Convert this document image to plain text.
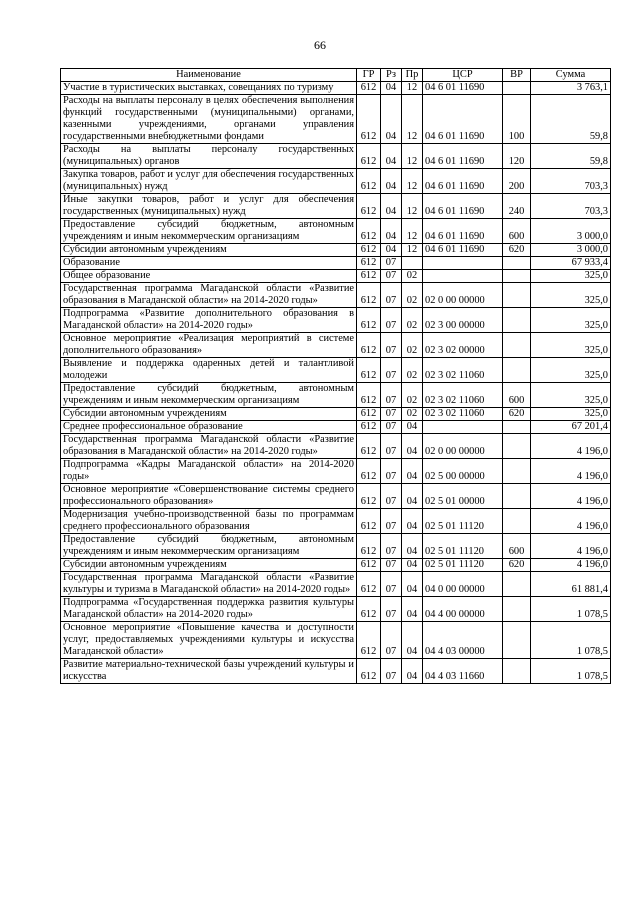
66
Наименование	ГР	Рз	Пр	ЦСР	ВР	Сумма
Участие в туристических выставках, совещаниях по туризму	612	04	12	04 6 01 11690		3 763,1
Расходы на выплаты персоналу в целях обеспечения выполнения функций государственными (муниципальными) органами, казенными учреждениями, органами управления государственными внебюджетными фондами	612	04	12	04 6 01 11690	100	59,8
Расходы на выплаты персоналу государственных (муниципальных) органов	612	04	12	04 6 01 11690	120	59,8
Закупка товаров, работ и услуг для обеспечения государственных (муниципальных) нужд	612	04	12	04 6 01 11690	200	703,3
Иные закупки товаров, работ и услуг для обеспечения государственных (муниципальных) нужд	612	04	12	04 6 01 11690	240	703,3
Предоставление субсидий бюджетным, автономным учреждениям и иным некоммерческим организациям	612	04	12	04 6 01 11690	600	3 000,0
Субсидии автономным учреждениям	612	04	12	04 6 01 11690	620	3 000,0
Образование	612	07				67 933,4
Общее образование	612	07	02			325,0
Государственная программа Магаданской области «Развитие образования в Магаданской области» на 2014-2020 годы»	612	07	02	02 0 00 00000		325,0
Подпрограмма «Развитие дополнительного образования в Магаданской области» на 2014-2020 годы»	612	07	02	02 3 00 00000		325,0
Основное мероприятие «Реализация мероприятий в системе дополнительного образования»	612	07	02	02 3 02 00000		325,0
Выявление и поддержка одаренных детей и талантливой молодежи	612	07	02	02 3 02 11060		325,0
Предоставление субсидий бюджетным, автономным учреждениям и иным некоммерческим организациям	612	07	02	02 3 02 11060	600	325,0
Субсидии автономным учреждениям	612	07	02	02 3 02 11060	620	325,0
Среднее профессиональное образование	612	07	04			67 201,4
Государственная программа Магаданской области «Развитие образования в Магаданской области» на 2014-2020 годы»	612	07	04	02 0 00 00000		4 196,0
Подпрограмма «Кадры Магаданской области» на 2014-2020 годы»	612	07	04	02 5 00 00000		4 196,0
Основное мероприятие «Совершенствование системы среднего профессионального образования»	612	07	04	02 5 01 00000		4 196,0
Модернизация учебно-производственной базы по программам среднего профессионального образования	612	07	04	02 5 01 11120		4 196,0
Предоставление субсидий бюджетным, автономным учреждениям и иным некоммерческим организациям	612	07	04	02 5 01 11120	600	4 196,0
Субсидии автономным учреждениям	612	07	04	02 5 01 11120	620	4 196,0
Государственная программа Магаданской области «Развитие культуры и туризма в Магаданской области» на 2014-2020 годы»	612	07	04	04 0 00 00000		61 881,4
Подпрограмма «Государственная поддержка развития культуры Магаданской области» на 2014-2020 годы»	612	07	04	04 4 00 00000		1 078,5
Основное мероприятие «Повышение качества и доступности услуг, предоставляемых учреждениями культуры и искусства Магаданской области»	612	07	04	04 4 03 00000		1 078,5
Развитие материально-технической базы учреждений культуры и искусства	612	07	04	04 4 03 11660		1 078,5
